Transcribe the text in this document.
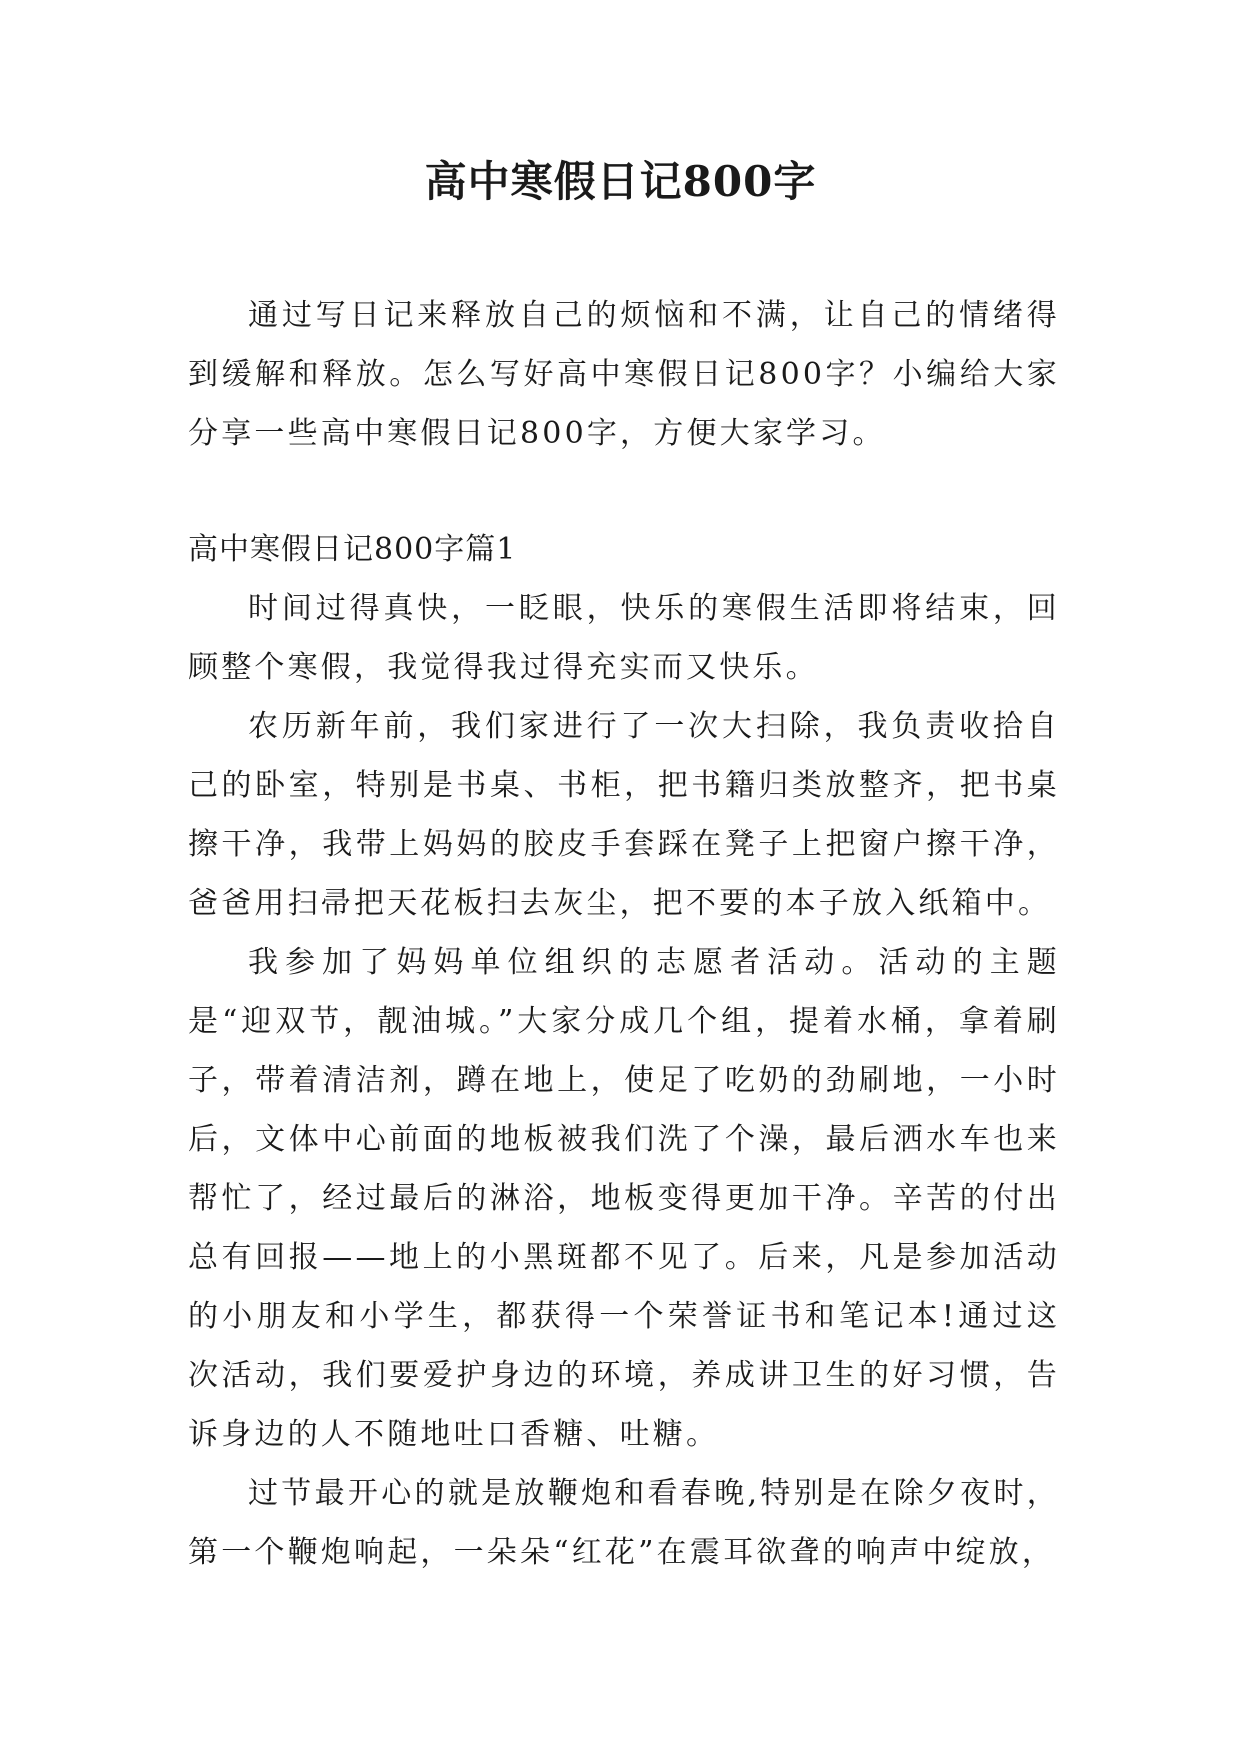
高中寒假日记800字

通过写日记来释放自己的烦恼和不满，让自己的情绪得到缓解和释放。怎么写好高中寒假日记800字？小编给大家分享一些高中寒假日记800字，方便大家学习。

高中寒假日记800字篇1

时间过得真快，一眨眼，快乐的寒假生活即将结束，回顾整个寒假，我觉得我过得充实而又快乐。

农历新年前，我们家进行了一次大扫除，我负责收拾自己的卧室，特别是书桌、书柜，把书籍归类放整齐，把书桌擦干净，我带上妈妈的胶皮手套踩在凳子上把窗户擦干净，爸爸用扫帚把天花板扫去灰尘，把不要的本子放入纸箱中。

我参加了妈妈单位组织的志愿者活动。活动的主题是“迎双节，靓油城。”大家分成几个组，提着水桶，拿着刷子，带着清洁剂，蹲在地上，使足了吃奶的劲刷地，一小时后，文体中心前面的地板被我们洗了个澡，最后洒水车也来帮忙了，经过最后的淋浴，地板变得更加干净。辛苦的付出总有回报——地上的小黑斑都不见了。后来，凡是参加活动的小朋友和小学生，都获得一个荣誉证书和笔记本!通过这次活动，我们要爱护身边的环境，养成讲卫生的好习惯，告诉身边的人不随地吐口香糖、吐糖。

过节最开心的就是放鞭炮和看春晚,特别是在除夕夜时，第一个鞭炮响起，一朵朵“红花”在震耳欲聋的响声中绽放，
